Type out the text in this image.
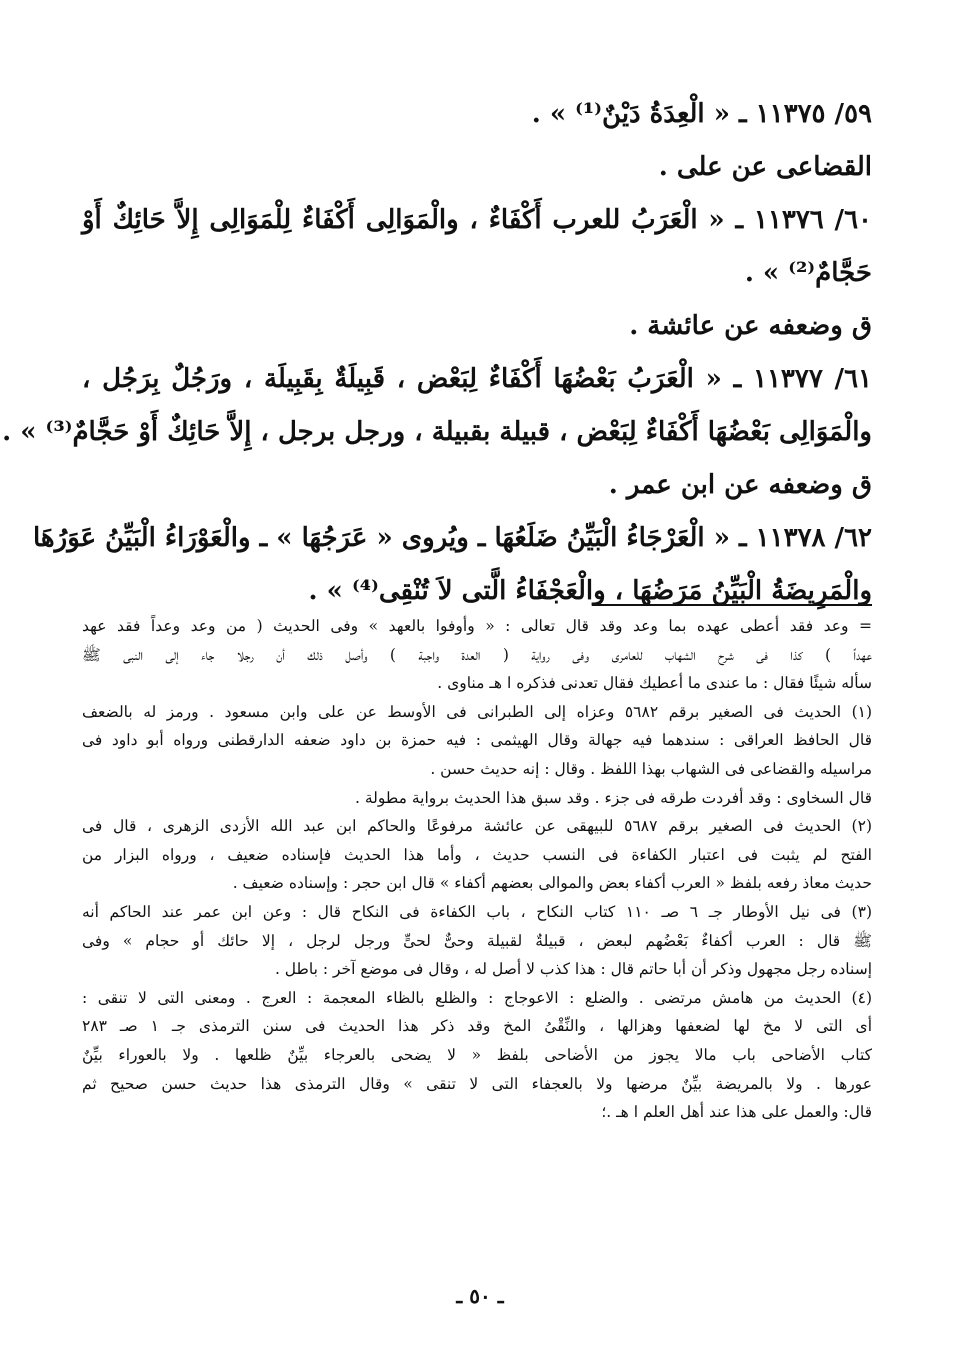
٥٩/ ١١٣٧٥ ـ « الْعِدَةُ دَيْنٌ⁽¹⁾ » .
القضاعى عن على .
٦٠/ ١١٣٧٦ ـ « الْعَرَبُ للعرب أَكْفَاءٌ ، والْمَوَالِى أَكْفَاءٌ لِلْمَوَالِى إِلاَّ حَائِكٌ أَوْ
حَجَّامٌ⁽²⁾ » .
ق وضعفه عن عائشة .
٦١/ ١١٣٧٧ ـ « الْعَرَبُ بَعْضُهَا أَكْفَاءٌ لِبَعْض ، قَبِيلَةٌ بِقَبِيلَة ، ورَجُلٌ بِرَجُل ،
والْمَوَالِى بَعْضُهَا أَكْفَاءٌ لِبَعْض ، قبيلة بقبيلة ، ورجل برجل ، إِلاَّ حَائِكٌ أَوْ حَجَّامٌ⁽³⁾ » .
ق وضعفه عن ابن عمر .
٦٢/ ١١٣٧٨ ـ « الْعَرْجَاءُ الْبَيِّنُ ضَلَعُهَا ـ ويُروى « عَرَجُهَا » ـ والْعَوْرَاءُ الْبَيِّنُ عَوَرُهَا
والْمَرِيضَةُ الْبَيِّنُ مَرَضُهَا ، والْعَجْفَاءُ الَّتى لاَ تُنْقِى⁽⁴⁾ » .
= وعد فقد أعطى عهده بما وعد وقد قال تعالى : « وأوفوا بالعهد » وفى الحديث ( من وعد وعداً فقد عهد
عهداً ) كذا فى شرح الشهاب للعامرى وفى رواية ( العدة واجبة ) وأصل ذلك أن رجلا جاء إلى النبى ﷺ
سأله شيئًا فقال : ما عندى ما أعطيك فقال تعدنى فذكره ا هـ مناوى .
(١) الحديث فى الصغير برقم ٥٦٨٢ وعزاه إلى الطبرانى فى الأوسط عن على وابن مسعود . ورمز له بالضعف
قال الحافظ العراقى : سندهما فيه جهالة وقال الهيثمى : فيه حمزة بن داود ضعفه الدارقطنى ورواه أبو داود فى
مراسيله والقضاعى فى الشهاب بهذا اللفظ . وقال : إنه حديث حسن .
قال السخاوى : وقد أفردت طرقه فى جزء . وقد سبق هذا الحديث برواية مطولة .
(٢) الحديث فى الصغير برقم ٥٦٨٧ للبيهقى عن عائشة مرفوعًا والحاكم ابن عبد الله الأزدى الزهرى ، قال فى
الفتح لم يثبت فى اعتبار الكفاءة فى النسب حديث ، وأما هذا الحديث فإسناده ضعيف ، ورواه البزار من
حديث معاذ رفعه بلفظ « العرب أكفاء بعض والموالى بعضهم أكفاء » قال ابن حجر : وإسناده ضعيف .
(٣) فى نيل الأوطار جـ ٦ صـ ١١٠ كتاب النكاح ، باب الكفاءة فى النكاح قال : وعن ابن عمر عند الحاكم أنه
ﷺ قال : العرب أكفاءٌ بَعْضُهم لبعض ، قبيلةٌ لقبيلة وحىٌّ لحىٍّ ورجل لرجل ، إلا حائك أو حجام » وفى
إسناده رجل مجهول وذكر أن أبا حاتم قال : هذا كذب لا أصل له ، وقال فى موضع آخر : باطل .
(٤) الحديث من هامش مرتضى . والضلع : الاعوجاج : والظلع بالظاء المعجمة : العرج . ومعنى التى لا تنقى :
أى التى لا مخ لها لضعفها وهزالها ، والنِّقْىُ المخ وقد ذكر هذا الحديث فى سنن الترمذى جـ ١ صـ ٢٨٣
كتاب الأضاحى باب مالا يجوز من الأضاحى بلفظ « لا يضحى بالعرجاء بيِّنٌ ظلعها . ولا بالعوراء بيِّنٌ
عورها . ولا بالمريضة بيِّنٌ مرضها ولا بالعجفاء التى لا تنقى » وقال الترمذى هذا حديث حسن صحيح ثم
قال: والعمل على هذا عند أهل العلم ا هـ .؛
ـ ٥٠ ـ
